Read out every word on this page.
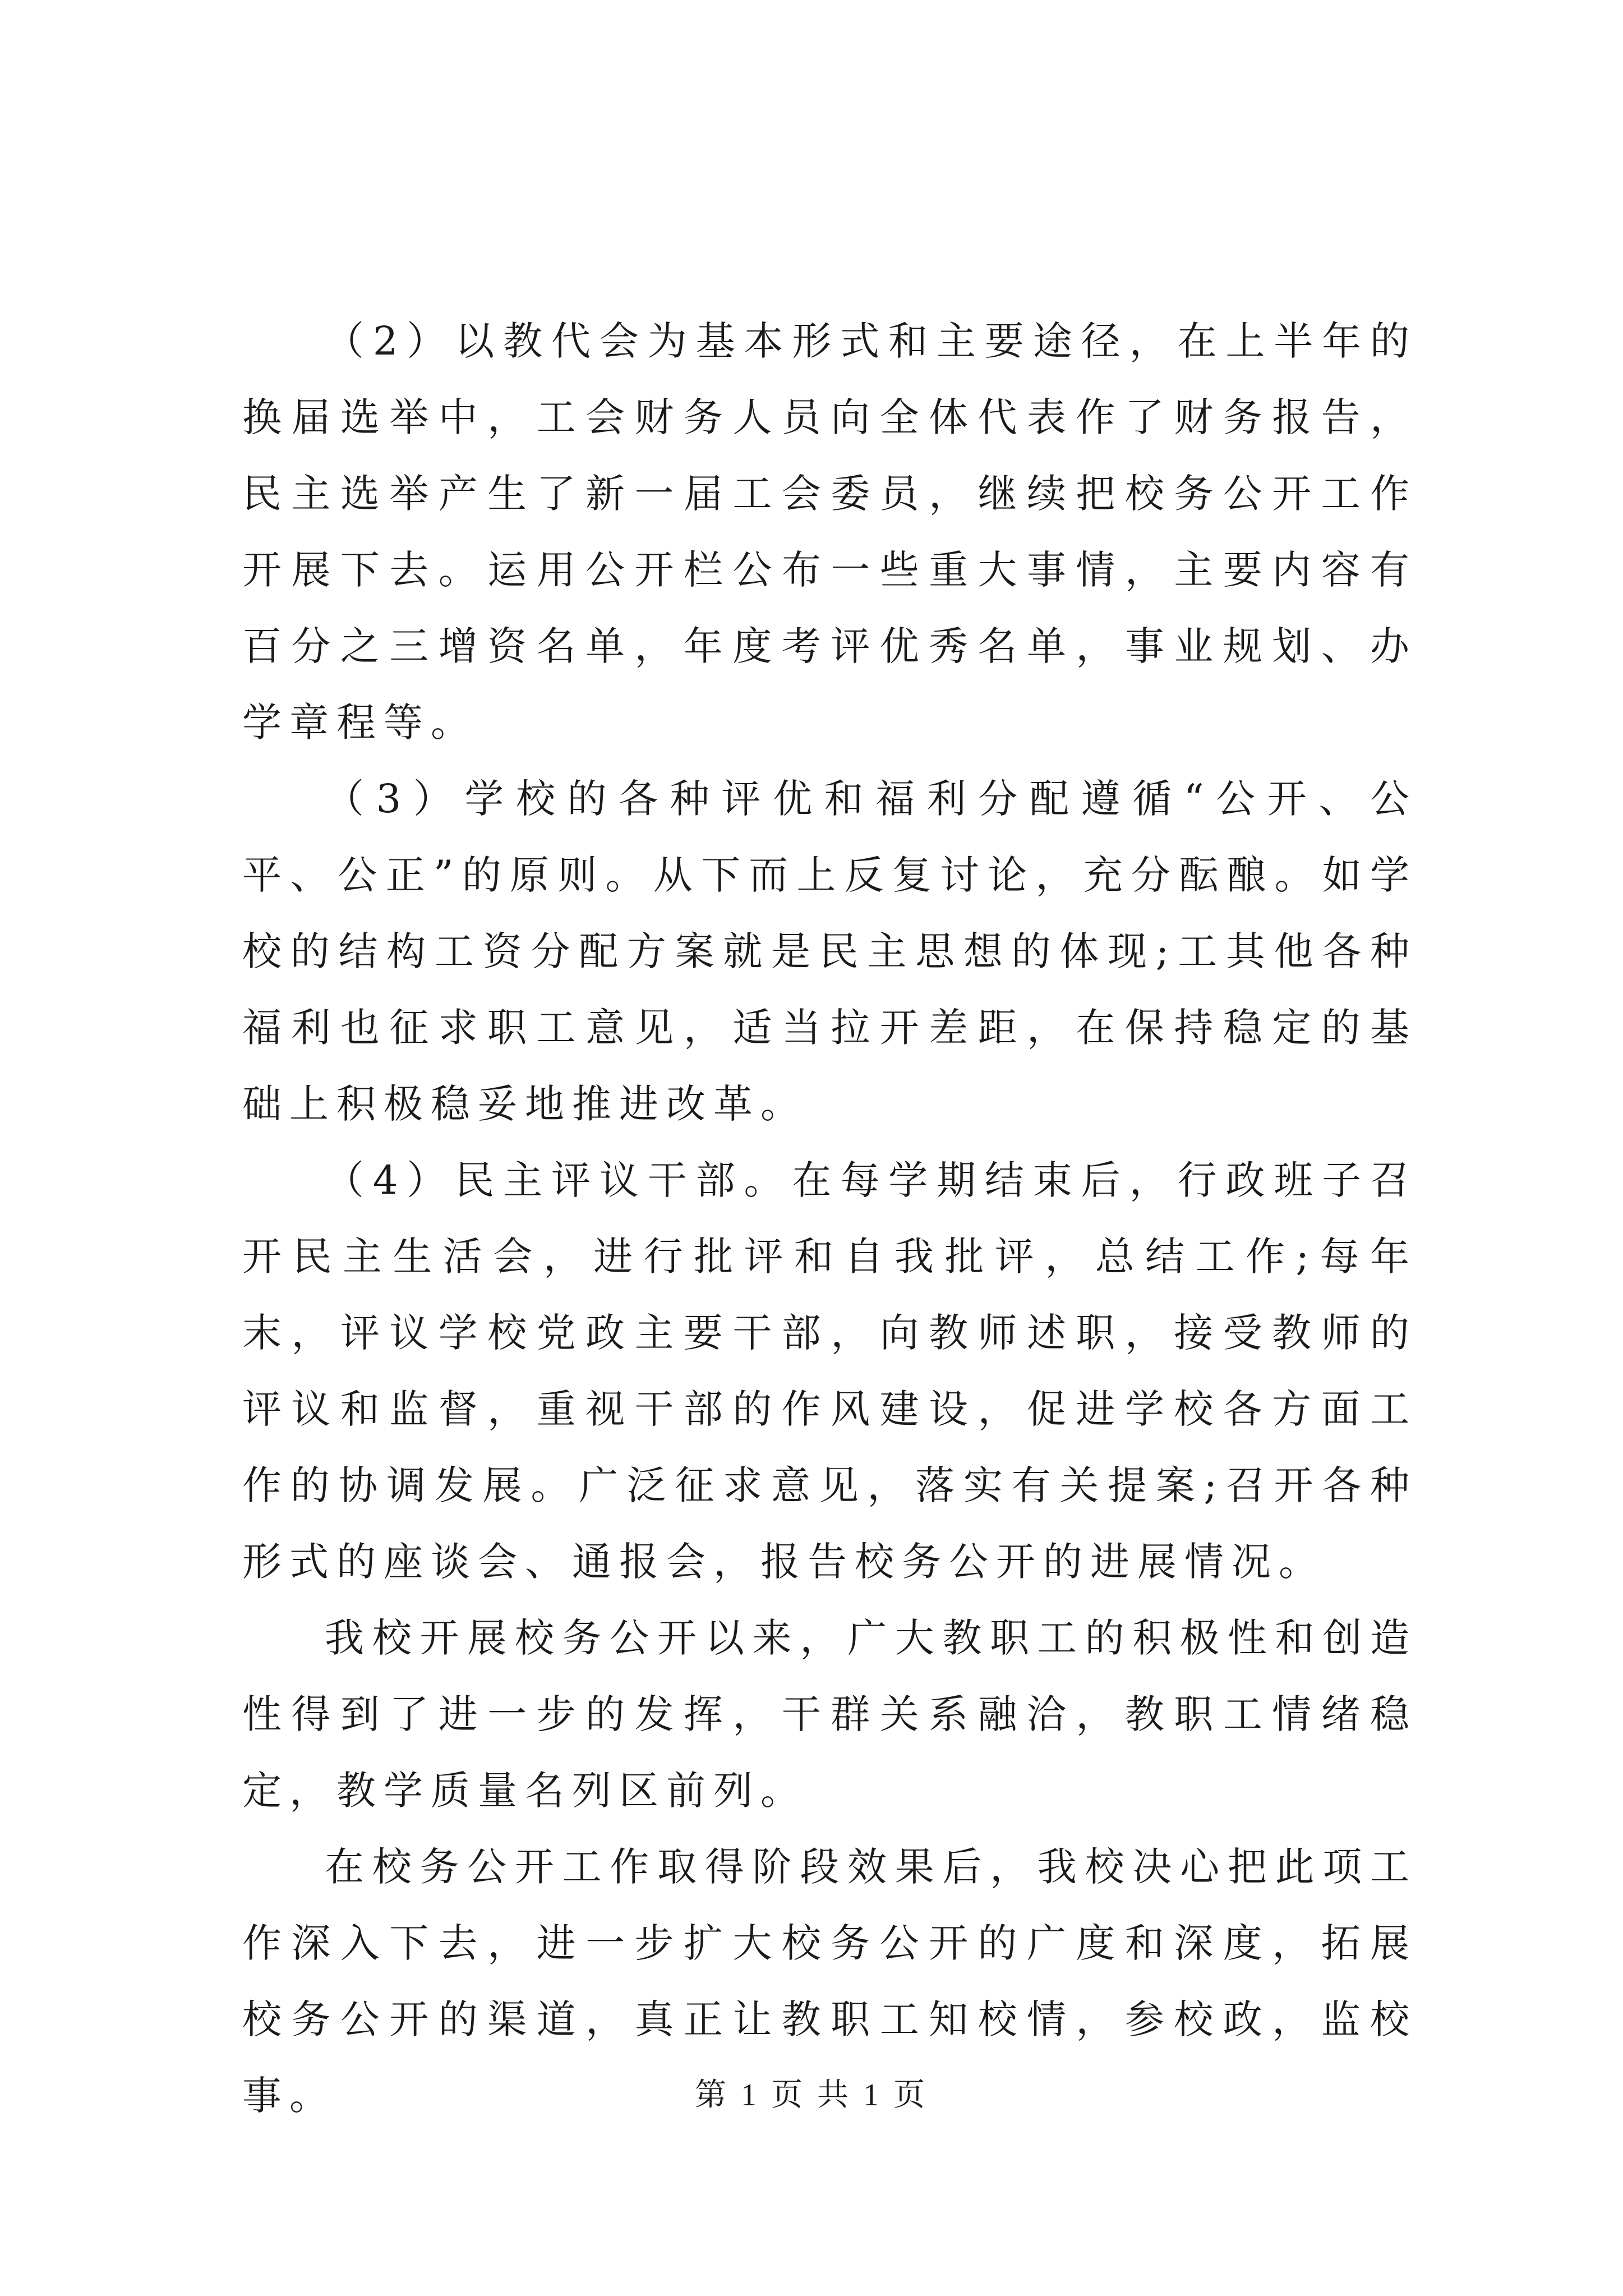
（2）以教代会为基本形式和主要途径，在上半年的换届选举中，工会财务人员向全体代表作了财务报告，民主选举产生了新一届工会委员，继续把校务公开工作开展下去。运用公开栏公布一些重大事情，主要内容有百分之三增资名单，年度考评优秀名单，事业规划、办学章程等。

（3）学校的各种评优和福利分配遵循“公开、公平、公正”的原则。从下而上反复讨论，充分酝酿。如学校的结构工资分配方案就是民主思想的体现;工其他各种福利也征求职工意见，适当拉开差距，在保持稳定的基础上积极稳妥地推进改革。

（4）民主评议干部。在每学期结束后，行政班子召开民主生活会，进行批评和自我批评，总结工作;每年末，评议学校党政主要干部，向教师述职，接受教师的评议和监督，重视干部的作风建设，促进学校各方面工作的协调发展。广泛征求意见，落实有关提案;召开各种形式的座谈会、通报会，报告校务公开的进展情况。

我校开展校务公开以来，广大教职工的积极性和创造性得到了进一步的发挥，干群关系融洽，教职工情绪稳定，教学质量名列区前列。

在校务公开工作取得阶段效果后，我校决心把此项工作深入下去，进一步扩大校务公开的广度和深度，拓展校务公开的渠道，真正让教职工知校情，参校政，监校事。	第 1 页 共 1 页
